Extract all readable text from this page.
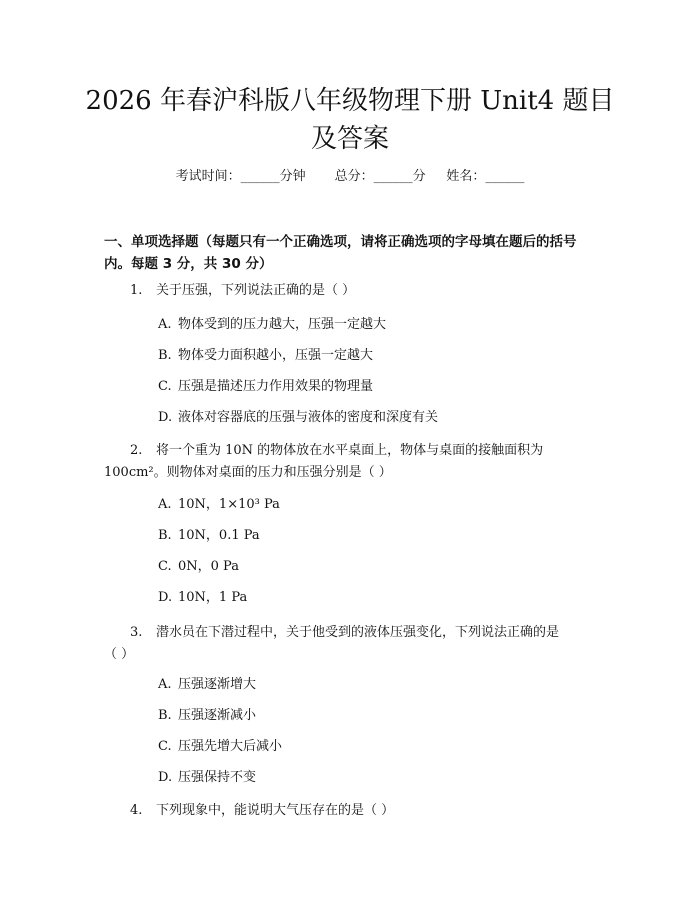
2026 年春沪科版八年级物理下册 Unit4 题目
及答案
考试时间：______分钟 总分：______分 姓名：______
一、单项选择题（每题只有一个正确选项，请将正确选项的字母填在题后的括号
内。每题 3 分，共 30 分）
1. 关于压强，下列说法正确的是（ ）
A. 物体受到的压力越大，压强一定越大
B. 物体受力面积越小，压强一定越大
C. 压强是描述压力作用效果的物理量
D. 液体对容器底的压强与液体的密度和深度有关
2. 将一个重为 10N 的物体放在水平桌面上，物体与桌面的接触面积为
100cm²。则物体对桌面的压力和压强分别是（ ）
A. 10N，1×10³ Pa
B. 10N，0.1 Pa
C. 0N，0 Pa
D. 10N，1 Pa
3. 潜水员在下潜过程中，关于他受到的液体压强变化，下列说法正确的是
（ ）
A. 压强逐渐增大
B. 压强逐渐减小
C. 压强先增大后减小
D. 压强保持不变
4. 下列现象中，能说明大气压存在的是（ ）
